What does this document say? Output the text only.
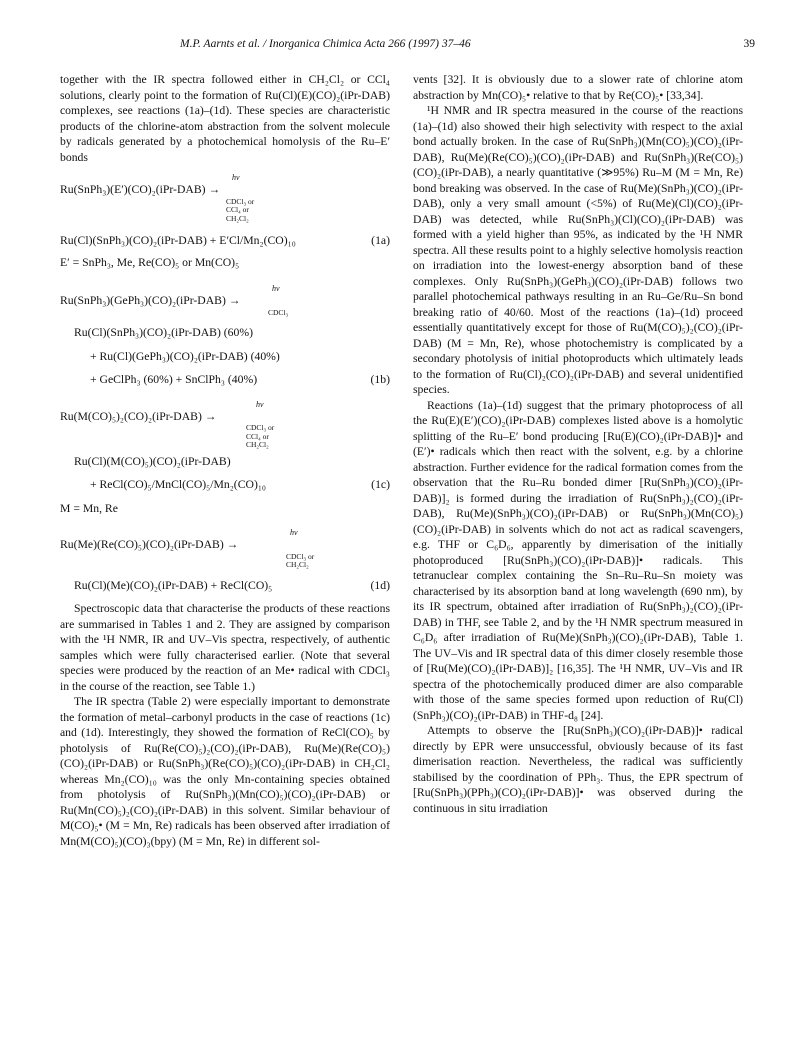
M.P. Aarnts et al. / Inorganica Chimica Acta 266 (1997) 37–46	39

together with the IR spectra followed either in CH₂Cl₂ or CCl₄ solutions, clearly point to the formation of Ru(Cl)(E)(CO)₂(iPr-DAB) complexes, see reactions (1a)–(1d). These species are characteristic products of the chlorine-atom abstraction from the solvent molecule by radicals generated by a photochemical homolysis of the Ru–E′ bonds

hν
Ru(SnPh₃)(E′)(CO)₂(iPr-DAB) →
CDCl₃ or
CCl₄ or
CH₂Cl₂
Ru(Cl)(SnPh₃)(CO)₂(iPr-DAB) + E′Cl/Mn₂(CO)₁₀	(1a)
E′ = SnPh₃, Me, Re(CO)₅ or Mn(CO)₅
hν
Ru(SnPh₃)(GePh₃)(CO)₂(iPr-DAB) →
CDCl₃
Ru(Cl)(SnPh₃)(CO)₂(iPr-DAB) (60%)
+ Ru(Cl)(GePh₃)(CO)₂(iPr-DAB) (40%)
+ GeClPh₃ (60%) + SnClPh₃ (40%)	(1b)
hν
Ru(M(CO)₅)₂(CO)₂(iPr-DAB) →
CDCl₃ or
CCl₄ or
CH₂Cl₂
Ru(Cl)(M(CO)₅)(CO)₂(iPr-DAB)
+ ReCl(CO)₅/MnCl(CO)₅/Mn₂(CO)₁₀	(1c)
M = Mn, Re
hν
Ru(Me)(Re(CO)₅)(CO)₂(iPr-DAB) →
CDCl₃ or
CH₂Cl₂
Ru(Cl)(Me)(CO)₂(iPr-DAB) + ReCl(CO)₅	(1d)

Spectroscopic data that characterise the products of these reactions are summarised in Tables 1 and 2. They are assigned by comparison with the ¹H NMR, IR and UV–Vis spectra, respectively, of authentic samples which were fully characterised earlier. (Note that several species were produced by the reaction of an Me• radical with CDCl₃ in the course of the reaction, see Table 1.)

The IR spectra (Table 2) were especially important to demonstrate the formation of metal–carbonyl products in the case of reactions (1c) and (1d). Interestingly, they showed the formation of ReCl(CO)₅ by photolysis of Ru(Re(CO)₅)₂(CO)₂(iPr-DAB), Ru(Me)(Re(CO)₅)(CO)₂(iPr-DAB) or Ru(SnPh₃)(Re(CO)₅)(CO)₂(iPr-DAB) in CH₂Cl₂ whereas Mn₂(CO)₁₀ was the only Mn-containing species obtained from photolysis of Ru(SnPh₃)(Mn(CO)₅)(CO)₂(iPr-DAB) or Ru(Mn(CO)₅)₂(CO)₂(iPr-DAB) in this solvent. Similar behaviour of M(CO)₅• (M = Mn, Re) radicals has been observed after irradiation of Mn(M(CO)₅)(CO)₃(bpy) (M = Mn, Re) in different sol-

vents [32]. It is obviously due to a slower rate of chlorine atom abstraction by Mn(CO)₅• relative to that by Re(CO)₅• [33,34].

¹H NMR and IR spectra measured in the course of the reactions (1a)–(1d) also showed their high selectivity with respect to the axial bond actually broken. In the case of Ru(SnPh₃)(Mn(CO)₅)(CO)₂(iPr-DAB), Ru(Me)(Re(CO)₅)(CO)₂(iPr-DAB) and Ru(SnPh₃)(Re(CO)₅)(CO)₂(iPr-DAB), a nearly quantitative (≫95%) Ru–M (M = Mn, Re) bond breaking was observed. In the case of Ru(Me)(SnPh₃)(CO)₂(iPr-DAB), only a very small amount (<5%) of Ru(Me)(Cl)(CO)₂(iPr-DAB) was detected, while Ru(SnPh₃)(Cl)(CO)₂(iPr-DAB) was formed with a yield higher than 95%, as indicated by the ¹H NMR spectra. All these results point to a highly selective homolysis reaction on irradiation into the lowest-energy absorption band of these complexes. Only Ru(SnPh₃)(GePh₃)(CO)₂(iPr-DAB) follows two parallel photochemical pathways resulting in an Ru–Ge/Ru–Sn bond breaking ratio of 40/60. Most of the reactions (1a)–(1d) proceed essentially quantitatively except for those of Ru(M(CO)₅)₂(CO)₂(iPr-DAB) (M = Mn, Re), whose photochemistry is complicated by a secondary photolysis of initial photoproducts which ultimately leads to the formation of Ru(Cl)₂(CO)₂(iPr-DAB) and several unidentified species.

Reactions (1a)–(1d) suggest that the primary photoprocess of all the Ru(E)(E′)(CO)₂(iPr-DAB) complexes listed above is a homolytic splitting of the Ru–E′ bond producing [Ru(E)(CO)₂(iPr-DAB)]• and (E′)• radicals which then react with the solvent, e.g. by a chlorine abstraction. Further evidence for the radical formation comes from the observation that the Ru–Ru bonded dimer [Ru(SnPh₃)(CO)₂(iPr-DAB)]₂ is formed during the irradiation of Ru(SnPh₃)₂(CO)₂(iPr-DAB), Ru(Me)(SnPh₃)(CO)₂(iPr-DAB) or Ru(SnPh₃)(Mn(CO)₅)(CO)₂(iPr-DAB) in solvents which do not act as radical scavengers, e.g. THF or C₆D₆, apparently by dimerisation of the initially photoproduced [Ru(SnPh₃)(CO)₂(iPr-DAB)]• radicals. This tetranuclear complex containing the Sn–Ru–Ru–Sn moiety was characterised by its absorption band at long wavelength (690 nm), by its IR spectrum, obtained after irradiation of Ru(SnPh₃)₂(CO)₂(iPr-DAB) in THF, see Table 2, and by the ¹H NMR spectrum measured in C₆D₆ after irradiation of Ru(Me)(SnPh₃)(CO)₂(iPr-DAB), Table 1. The UV–Vis and IR spectral data of this dimer closely resemble those of [Ru(Me)(CO)₂(iPr-DAB)]₂ [16,35]. The ¹H NMR, UV–Vis and IR spectra of the photochemically produced dimer are also comparable with those of the same species formed upon reduction of Ru(Cl)(SnPh₃)(CO)₂(iPr-DAB) in THF-d₈ [24].

Attempts to observe the [Ru(SnPh₃)(CO)₂(iPr-DAB)]• radical directly by EPR were unsuccessful, obviously because of its fast dimerisation reaction. Nevertheless, the radical was sufficiently stabilised by the coordination of PPh₃. Thus, the EPR spectrum of [Ru(SnPh₃)(PPh₃)(CO)₂(iPr-DAB)]• was observed during the continuous in situ irradiation
